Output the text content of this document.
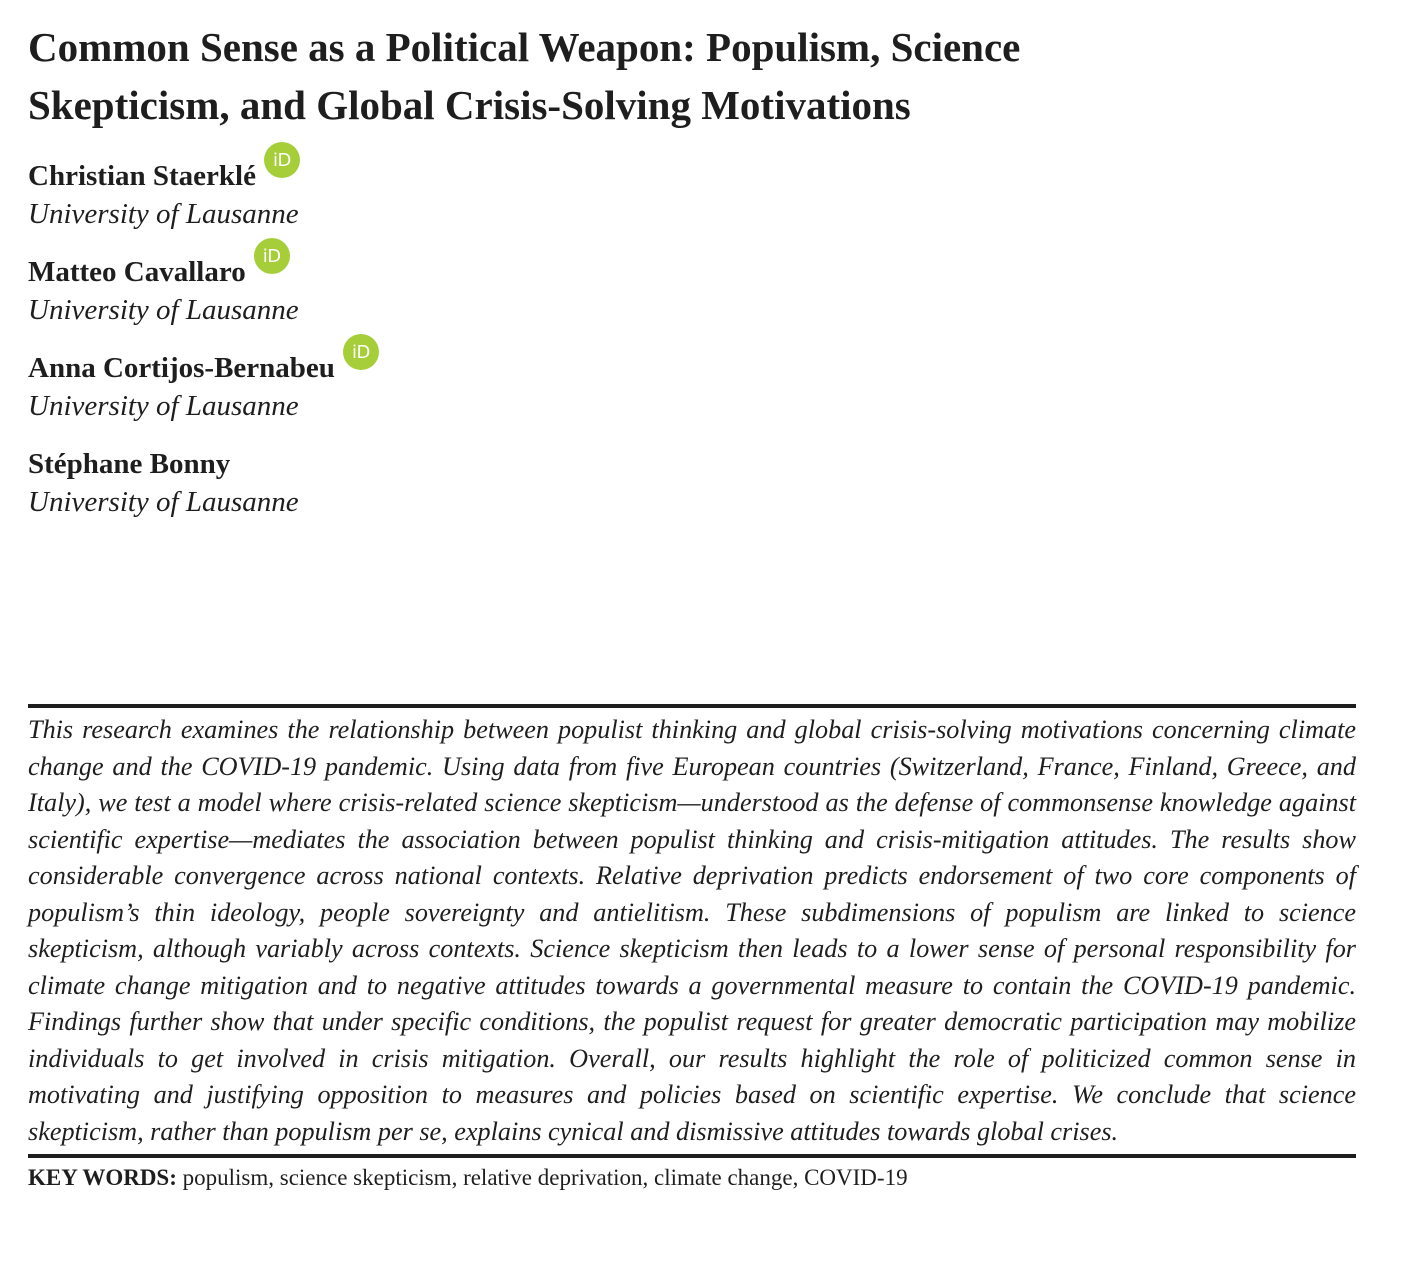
Common Sense as a Political Weapon: Populism, Science Skepticism, and Global Crisis-Solving Motivations
Christian Staerklé iD
University of Lausanne
Matteo Cavallaro iD
University of Lausanne
Anna Cortijos-Bernabeu iD
University of Lausanne
Stéphane Bonny
University of Lausanne

This research examines the relationship between populist thinking and global crisis-solving motivations concerning climate change and the COVID-19 pandemic. Using data from five European countries (Switzerland, France, Finland, Greece, and Italy), we test a model where crisis-related science skepticism—understood as the defense of commonsense knowledge against scientific expertise—mediates the association between populist thinking and crisis-mitigation attitudes. The results show considerable convergence across national contexts. Relative deprivation predicts endorsement of two core components of populism’s thin ideology, people sovereignty and antielitism. These subdimensions of populism are linked to science skepticism, although variably across contexts. Science skepticism then leads to a lower sense of personal responsibility for climate change mitigation and to negative attitudes towards a governmental measure to contain the COVID-19 pandemic. Findings further show that under specific conditions, the populist request for greater democratic participation may mobilize individuals to get involved in crisis mitigation. Overall, our results highlight the role of politicized common sense in motivating and justifying opposition to measures and policies based on scientific expertise. We conclude that science skepticism, rather than populism per se, explains cynical and dismissive attitudes towards global crises.

KEY WORDS: populism, science skepticism, relative deprivation, climate change, COVID-19
